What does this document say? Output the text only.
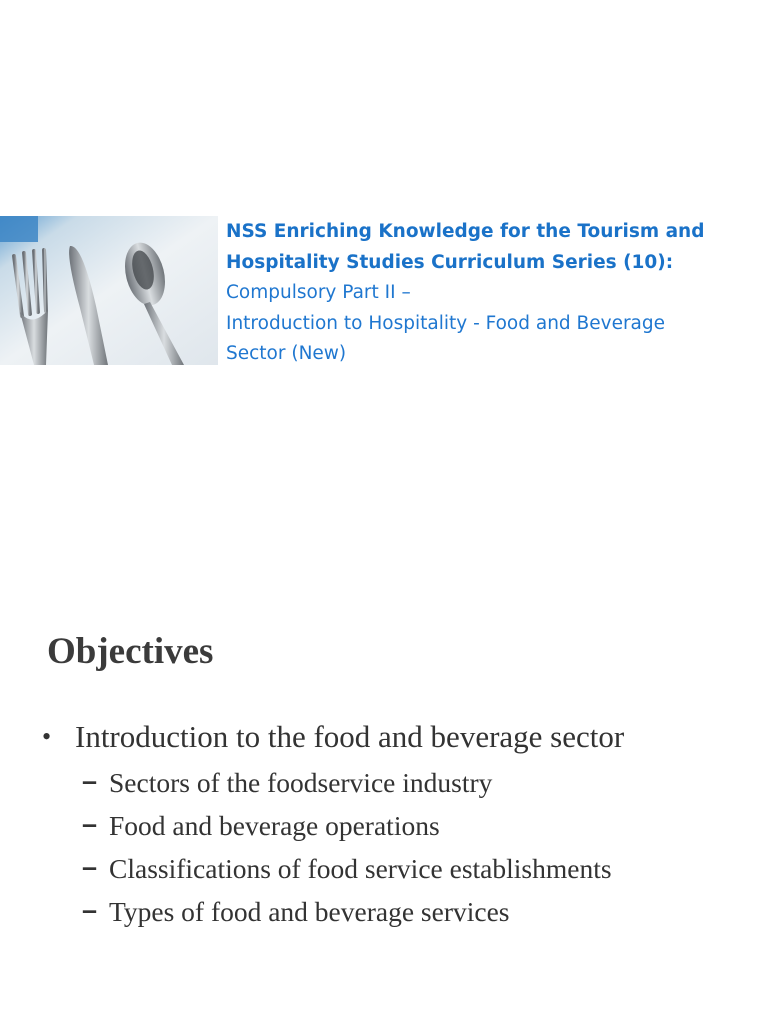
NSS Enriching Knowledge for the Tourism and
Hospitality Studies Curriculum Series (10):
Compulsory Part II –
Introduction to Hospitality - Food and Beverage
Sector (New)
Objectives
• Introduction to the food and beverage sector
– Sectors of the foodservice industry
– Food and beverage operations
– Classifications of food service establishments
– Types of food and beverage services
